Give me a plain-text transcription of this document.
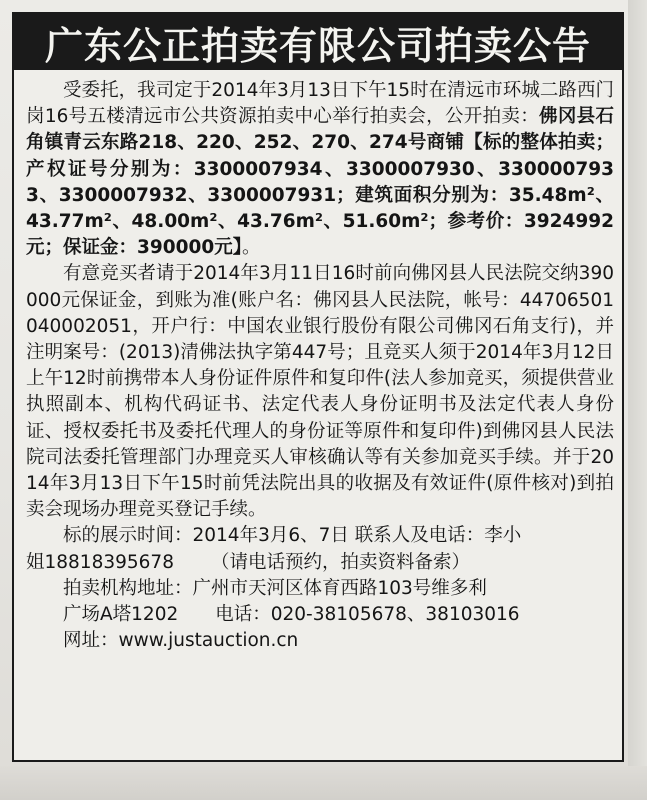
广东公正拍卖有限公司拍卖公告

受委托，我司定于2014年3月13日下午15时在清远市环城二路西门岗16号五楼清远市公共资源拍卖中心举行拍卖会，公开拍卖：佛冈县石角镇青云东路218、220、252、270、274号商铺【标的整体拍卖；产权证号分别为：3300007934、3300007930、3300007933、3300007932、3300007931；建筑面积分别为：35.48m²、43.77m²、48.00m²、43.76m²、51.60m²；参考价：3924992元；保证金：390000元】。

有意竞买者请于2014年3月11日16时前向佛冈县人民法院交纳390000元保证金，到账为准(账户名：佛冈县人民法院，帐号：44706501040002051，开户行：中国农业银行股份有限公司佛冈石角支行)，并注明案号：(2013)清佛法执字第447号；且竞买人须于2014年3月12日上午12时前携带本人身份证件原件和复印件(法人参加竞买，须提供营业执照副本、机构代码证书、法定代表人身份证明书及法定代表人身份证、授权委托书及委托代理人的身份证等原件和复印件)到佛冈县人民法院司法委托管理部门办理竞买人审核确认等有关参加竞买手续。并于2014年3月13日下午15时前凭法院出具的收据及有效证件(原件核对)到拍卖会现场办理竞买登记手续。

标的展示时间：2014年3月6、7日 联系人及电话：李小

姐18818395678 （请电话预约，拍卖资料备索）

拍卖机构地址：广州市天河区体育西路103号维多利

广场A塔1202 电话：020-38105678、38103016

网址：www.justauction.cn
